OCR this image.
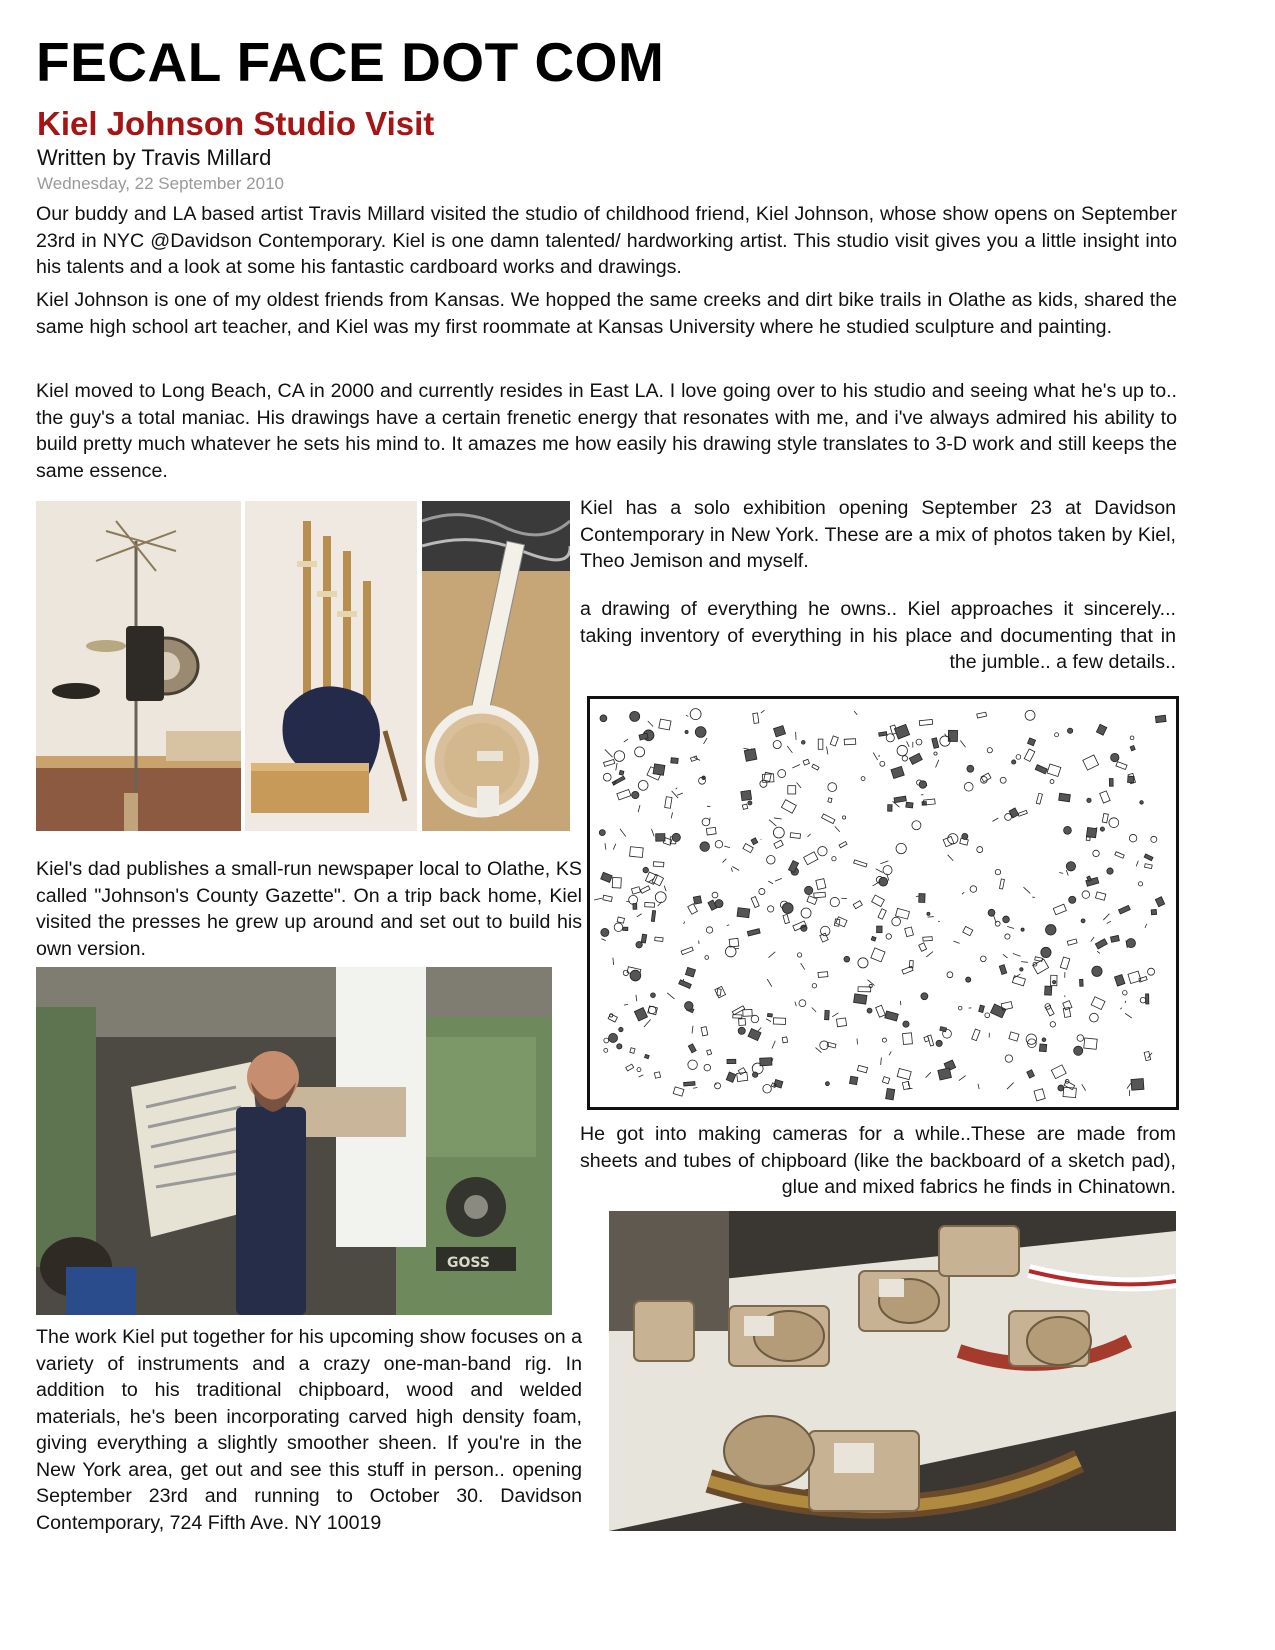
FECAL FACE DOT COM
Kiel Johnson Studio Visit
Written by Travis Millard
Wednesday, 22 September 2010

Our buddy and LA based artist Travis Millard visited the studio of childhood friend, Kiel Johnson, whose show opens on September 23rd in NYC @Davidson Contemporary. Kiel is one damn talented/ hardworking artist. This studio visit gives you a little insight into his talents and a look at some his fantastic cardboard works and drawings.

Kiel Johnson is one of my oldest friends from Kansas. We hopped the same creeks and dirt bike trails in Olathe as kids, shared the same high school art teacher, and Kiel was my first roommate at Kansas University where he studied sculpture and painting.

Kiel moved to Long Beach, CA in 2000 and currently resides in East LA. I love going over to his studio and seeing what he's up to.. the guy's a total maniac. His drawings have a certain frenetic energy that resonates with me, and i've always admired his ability to build pretty much whatever he sets his mind to. It amazes me how easily his drawing style translates to 3-D work and still keeps the same essence.

Kiel has a solo exhibition opening September 23 at Davidson Contemporary in New York. These are a mix of photos taken by Kiel, Theo Jemison and myself.

a drawing of everything he owns.. Kiel approaches it sincerely... taking inventory of everything in his place and documenting that in the jumble.. a few details..

Kiel's dad publishes a small-run newspaper local to Olathe, KS called "Johnson's County Gazette". On a trip back home, Kiel visited the presses he grew up around and set out to build his own version.

GOSS

He got into making cameras for a while..These are made from sheets and tubes of chipboard (like the backboard of a sketch pad), glue and mixed fabrics he finds in Chinatown.

The work Kiel put together for his upcoming show focuses on a variety of instruments and a crazy one-man-band rig. In addition to his traditional chipboard, wood and welded materials, he's been incorporating carved high density foam, giving everything a slightly smoother sheen. If you're in the New York area, get out and see this stuff in person.. opening September 23rd and running to October 30. Davidson Contemporary, 724 Fifth Ave. NY 10019
